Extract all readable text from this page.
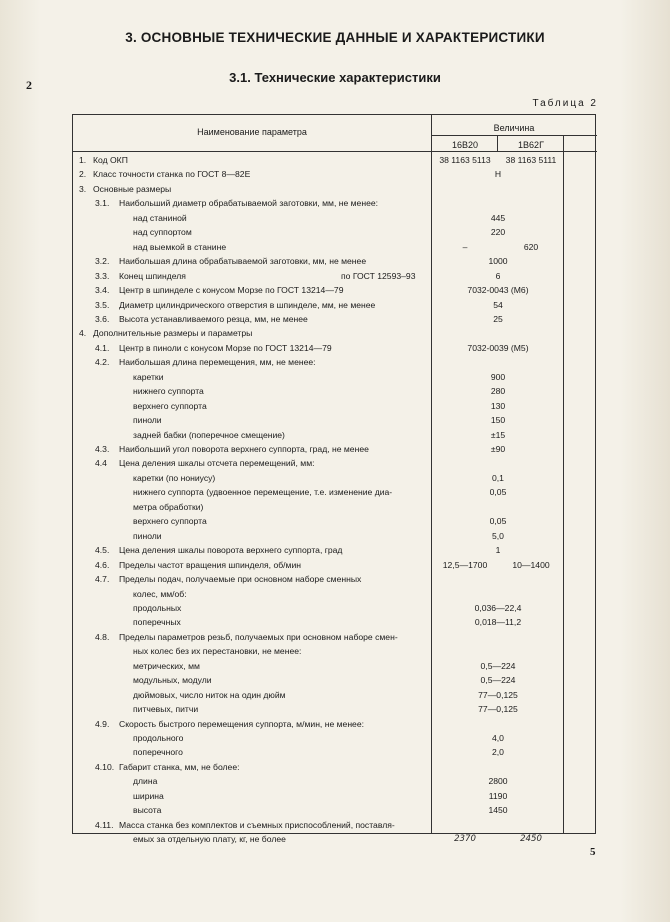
2
3. ОСНОВНЫЕ ТЕХНИЧЕСКИЕ ДАННЫЕ И ХАРАКТЕРИСТИКИ
3.1. Технические характеристики
Таблица 2
Наименование параметра	Величина
16В20	1В62Г
1. Код ОКП	38 1163 5113	38 1163 5111
2. Класс точности станка по ГОСТ 8—82Е	Н
3. Основные размеры
3.1. Наибольший диаметр обрабатываемой заготовки, мм, не менее:
над станиной	445
над суппортом	220
над выемкой в станине	–	620
3.2. Наибольшая длина обрабатываемой заготовки, мм, не менее	1000
3.3. Конец шпинделя	по ГОСТ 12593–93	6
3.4. Центр в шпинделе с конусом Морзе по ГОСТ 13214—79	7032-0043 (М6)
3.5. Диаметр цилиндрического отверстия в шпинделе, мм, не менее	54
3.6. Высота устанавливаемого резца, мм, не менее	25
4. Дополнительные размеры и параметры
4.1. Центр в пиноли с конусом Морзе по ГОСТ 13214—79	7032-0039 (М5)
4.2. Наибольшая длина перемещения, мм, не менее:
каретки	900
нижнего суппорта	280
верхнего суппорта	130
пиноли	150
задней бабки (поперечное смещение)	±15
4.3. Наибольший угол поворота верхнего суппорта, град, не менее	±90
4.4 Цена деления шкалы отсчета перемещений, мм:
каретки (по нониусу)	0,1
нижнего суппорта (удвоенное перемещение, т.е. изменение диа-	0,05
метра обработки)
верхнего суппорта	0,05
пиноли	5,0
4.5. Цена деления шкалы поворота верхнего суппорта, град	1
4.6. Пределы частот вращения шпинделя, об/мин	12,5—1700	10—1400
4.7. Пределы подач, получаемые при основном наборе сменных
колес, мм/об:
продольных	0,036—22,4
поперечных	0,018—11,2
4.8. Пределы параметров резьб, получаемых при основном наборе смен-
ных колес без их перестановки, не менее:
метрических, мм	0,5—224
модульных, модули	0,5—224
дюймовых, число ниток на один дюйм	77—0,125
питчевых, питчи	77—0,125
4.9. Скорость быстрого перемещения суппорта, м/мин, не менее:
продольного	4,0
поперечного	2,0
4.10. Габарит станка, мм, не более:
длина	2800
ширина	1190
высота	1450
4.11. Масса станка без комплектов и съемных приспособлений, поставля-
емых за отдельную плату, кг, не более	2370	2450
5
